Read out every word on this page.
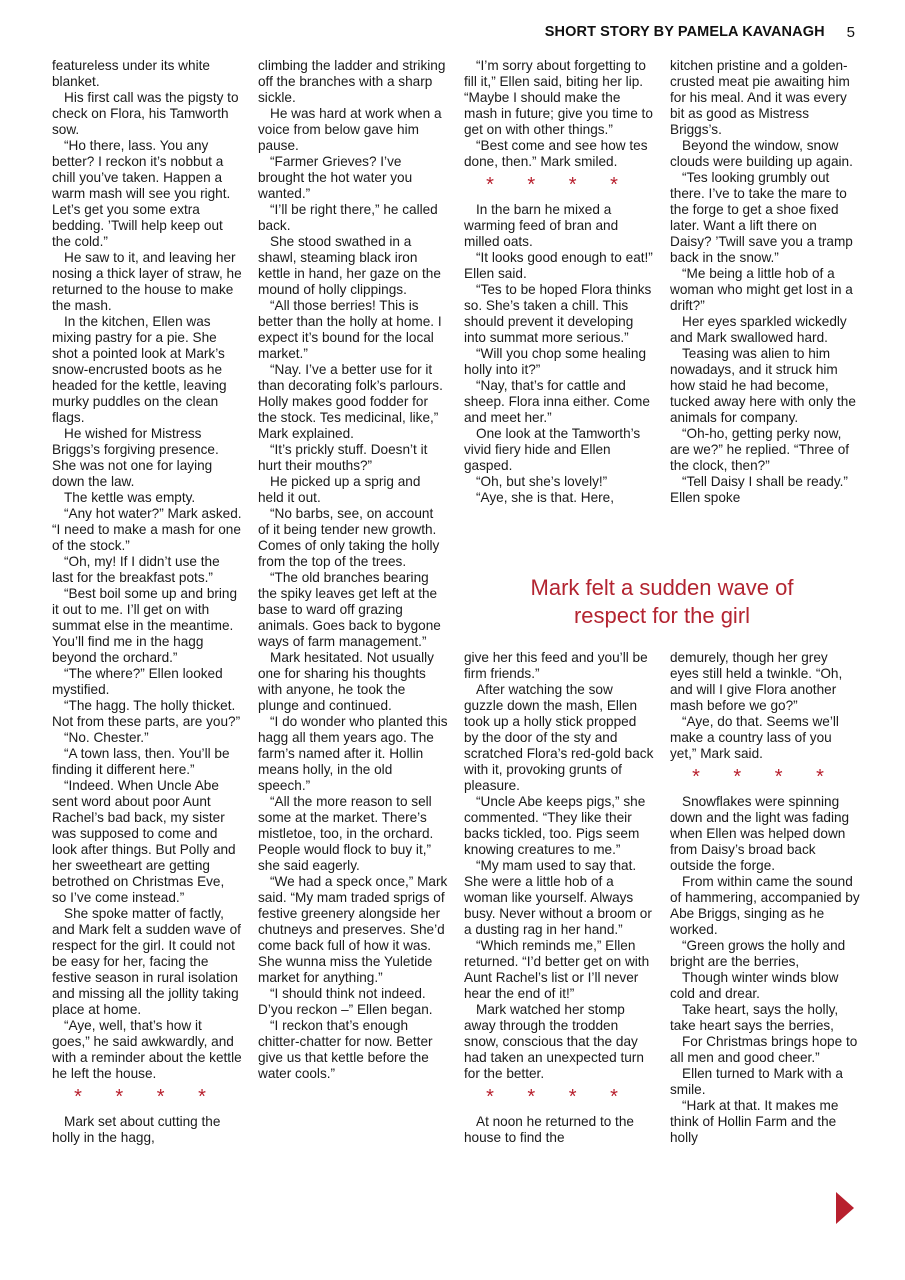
SHORT STORY BY PAMELA KAVANAGH 5

featureless under its white blanket.

His first call was the pigsty to check on Flora, his Tamworth sow.

“Ho there, lass. You any better? I reckon it’s nobbut a chill you’ve taken. Happen a warm mash will see you right. Let’s get you some extra bedding. ’Twill help keep out the cold.”

He saw to it, and leaving her nosing a thick layer of straw, he returned to the house to make the mash.

In the kitchen, Ellen was mixing pastry for a pie. She shot a pointed look at Mark’s snow-encrusted boots as he headed for the kettle, leaving murky puddles on the clean flags.

He wished for Mistress Briggs’s forgiving presence. She was not one for laying down the law.

The kettle was empty.

“Any hot water?” Mark asked. “I need to make a mash for one of the stock.”

“Oh, my! If I didn’t use the last for the breakfast pots.”

“Best boil some up and bring it out to me. I’ll get on with summat else in the meantime. You’ll find me in the hagg beyond the orchard.”

“The where?” Ellen looked mystified.

“The hagg. The holly thicket. Not from these parts, are you?”

“No. Chester.”

“A town lass, then. You’ll be finding it different here.”

“Indeed. When Uncle Abe sent word about poor Aunt Rachel’s bad back, my sister was supposed to come and look after things. But Polly and her sweetheart are getting betrothed on Christmas Eve, so I’ve come instead.”

She spoke matter of factly, and Mark felt a sudden wave of respect for the girl. It could not be easy for her, facing the festive season in rural isolation and missing all the jollity taking place at home.

“Aye, well, that’s how it goes,” he said awkwardly, and with a reminder about the kettle he left the house.

* * * *

Mark set about cutting the holly in the hagg,

climbing the ladder and striking off the branches with a sharp sickle.

He was hard at work when a voice from below gave him pause.

“Farmer Grieves? I’ve brought the hot water you wanted.”

“I’ll be right there,” he called back.

She stood swathed in a shawl, steaming black iron kettle in hand, her gaze on the mound of holly clippings.

“All those berries! This is better than the holly at home. I expect it’s bound for the local market.”

“Nay. I’ve a better use for it than decorating folk’s parlours. Holly makes good fodder for the stock. Tes medicinal, like,” Mark explained.

“It’s prickly stuff. Doesn’t it hurt their mouths?”

He picked up a sprig and held it out.

“No barbs, see, on account of it being tender new growth. Comes of only taking the holly from the top of the trees.

“The old branches bearing the spiky leaves get left at the base to ward off grazing animals. Goes back to bygone ways of farm management.”

Mark hesitated. Not usually one for sharing his thoughts with anyone, he took the plunge and continued.

“I do wonder who planted this hagg all them years ago. The farm’s named after it. Hollin means holly, in the old speech.”

“All the more reason to sell some at the market. There’s mistletoe, too, in the orchard. People would flock to buy it,” she said eagerly.

“We had a speck once,” Mark said. “My mam traded sprigs of festive greenery alongside her chutneys and preserves. She’d come back full of how it was. She wunna miss the Yuletide market for anything.”

“I should think not indeed. D’you reckon –” Ellen began.

“I reckon that’s enough chitter-chatter for now. Better give us that kettle before the water cools.”

“I’m sorry about forgetting to fill it,” Ellen said, biting her lip. “Maybe I should make the mash in future; give you time to get on with other things.”

“Best come and see how tes done, then.” Mark smiled.

* * * *

In the barn he mixed a warming feed of bran and milled oats.

“It looks good enough to eat!” Ellen said.

“Tes to be hoped Flora thinks so. She’s taken a chill. This should prevent it developing into summat more serious.”

“Will you chop some healing holly into it?”

“Nay, that’s for cattle and sheep. Flora inna either. Come and meet her.”

One look at the Tamworth’s vivid fiery hide and Ellen gasped.

“Oh, but she’s lovely!”

“Aye, she is that. Here,

kitchen pristine and a golden-crusted meat pie awaiting him for his meal. And it was every bit as good as Mistress Briggs’s.

Beyond the window, snow clouds were building up again.

“Tes looking grumbly out there. I’ve to take the mare to the forge to get a shoe fixed later. Want a lift there on Daisy? ’Twill save you a tramp back in the snow.”

“Me being a little hob of a woman who might get lost in a drift?”

Her eyes sparkled wickedly and Mark swallowed hard.

Teasing was alien to him nowadays, and it struck him how staid he had become, tucked away here with only the animals for company.

“Oh-ho, getting perky now, are we?” he replied. “Three of the clock, then?”

“Tell Daisy I shall be ready.” Ellen spoke

Mark felt a sudden wave of
respect for the girl

give her this feed and you’ll be firm friends.”

After watching the sow guzzle down the mash, Ellen took up a holly stick propped by the door of the sty and scratched Flora’s red-gold back with it, provoking grunts of pleasure.

“Uncle Abe keeps pigs,” she commented. “They like their backs tickled, too. Pigs seem knowing creatures to me.”

“My mam used to say that. She were a little hob of a woman like yourself. Always busy. Never without a broom or a dusting rag in her hand.”

“Which reminds me,” Ellen returned. “I’d better get on with Aunt Rachel’s list or I’ll never hear the end of it!”

Mark watched her stomp away through the trodden snow, conscious that the day had taken an unexpected turn for the better.

* * * *

At noon he returned to the house to find the

demurely, though her grey eyes still held a twinkle. “Oh, and will I give Flora another mash before we go?”

“Aye, do that. Seems we’ll make a country lass of you yet,” Mark said.

* * * *

Snowflakes were spinning down and the light was fading when Ellen was helped down from Daisy’s broad back outside the forge.

From within came the sound of hammering, accompanied by Abe Briggs, singing as he worked.

“Green grows the holly and bright are the berries,

Though winter winds blow cold and drear.

Take heart, says the holly, take heart says the berries,

For Christmas brings hope to all men and good cheer.”

Ellen turned to Mark with a smile.

“Hark at that. It makes me think of Hollin Farm and the holly
